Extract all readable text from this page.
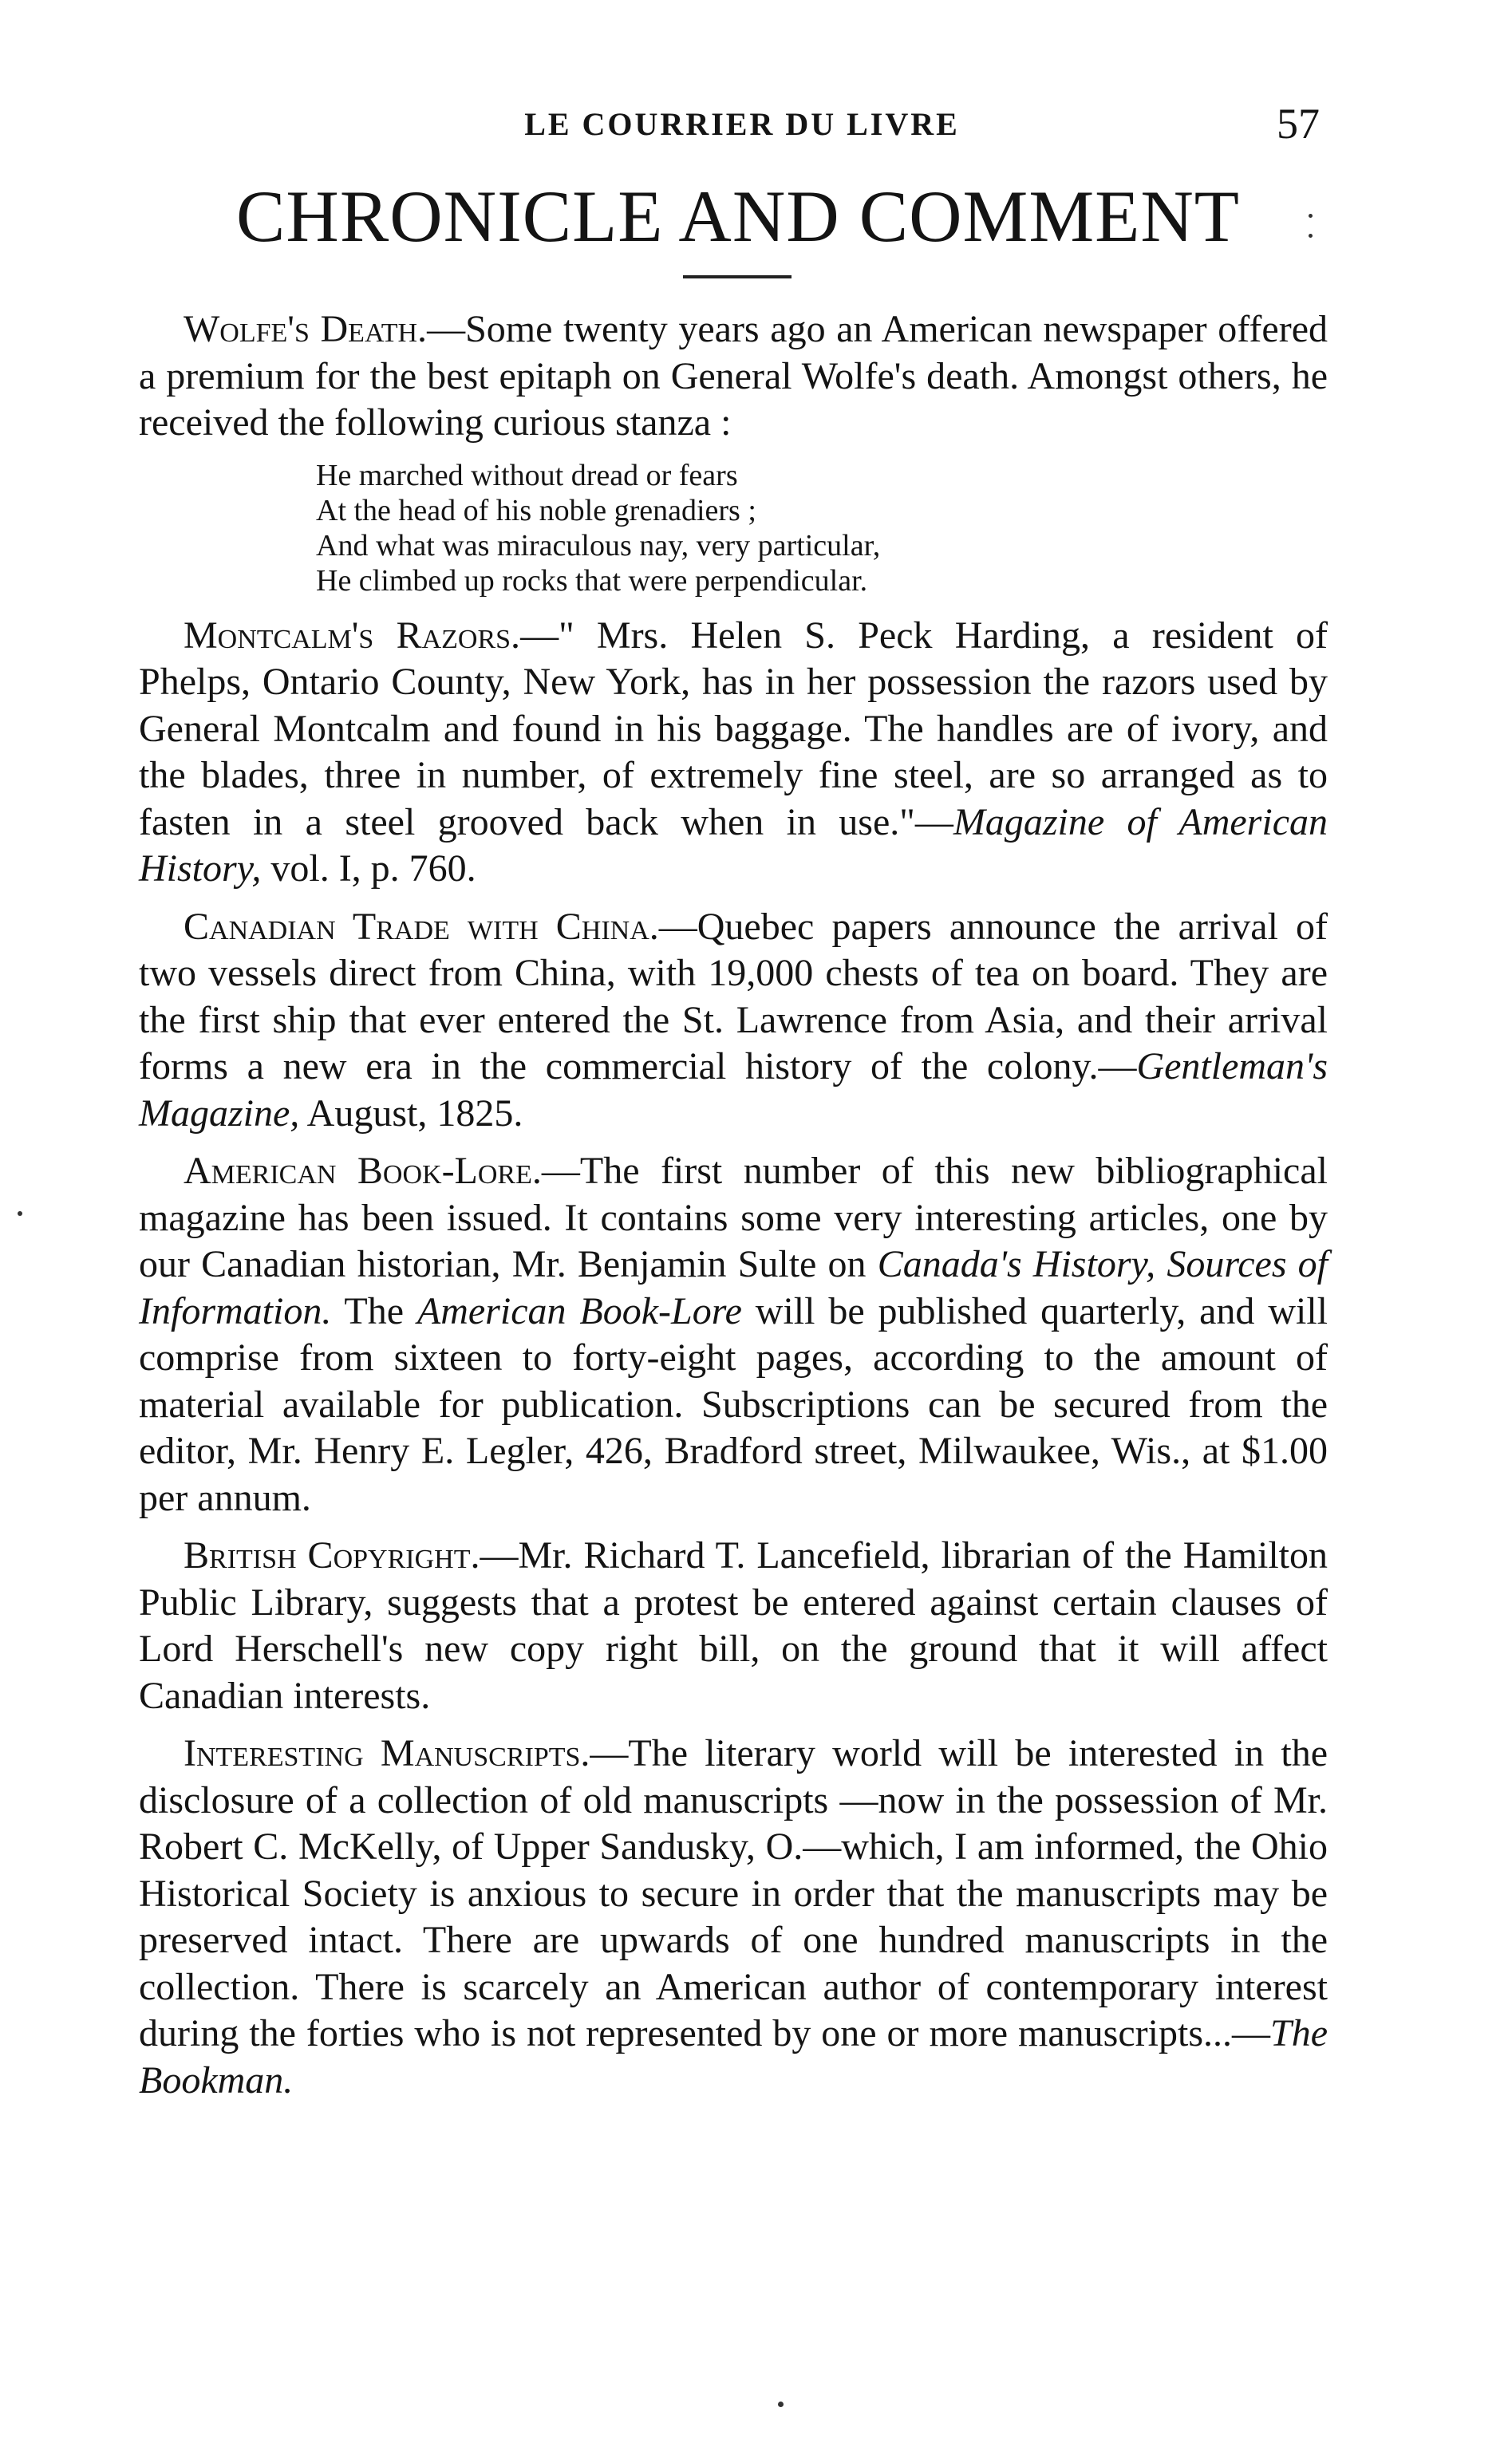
LE COURRIER DU LIVRE	57
CHRONICLE AND COMMENT

Wolfe's Death.—Some twenty years ago an American newspaper offered a premium for the best epitaph on General Wolfe's death. Amongst others, he received the following curious stanza :

He marched without dread or fears
At the head of his noble grenadiers ;
And what was miraculous nay, very particular,
He climbed up rocks that were perpendicular.

Montcalm's Razors.—" Mrs. Helen S. Peck Harding, a resident of Phelps, Ontario County, New York, has in her possession the razors used by General Montcalm and found in his baggage. The handles are of ivory, and the blades, three in number, of extremely fine steel, are so arranged as to fasten in a steel grooved back when in use."—Magazine of American History, vol. I, p. 760.

Canadian Trade with China.—Quebec papers announce the arrival of two vessels direct from China, with 19,000 chests of tea on board. They are the first ship that ever entered the St. Lawrence from Asia, and their arrival forms a new era in the commercial history of the colony.—Gentleman's Magazine, August, 1825.

American Book-Lore.—The first number of this new bibliographical magazine has been issued. It contains some very interesting articles, one by our Canadian historian, Mr. Benjamin Sulte on Canada's History, Sources of Information. The American Book-Lore will be published quarterly, and will comprise from sixteen to forty-eight pages, according to the amount of material available for publication. Subscriptions can be secured from the editor, Mr. Henry E. Legler, 426, Bradford street, Milwaukee, Wis., at $1.00 per annum.

British Copyright.—Mr. Richard T. Lancefield, librarian of the Hamilton Public Library, suggests that a protest be entered against certain clauses of Lord Herschell's new copy right bill, on the ground that it will affect Canadian interests.

Interesting Manuscripts.—The literary world will be interested in the disclosure of a collection of old manuscripts —now in the possession of Mr. Robert C. McKelly, of Upper Sandusky, O.—which, I am informed, the Ohio Historical Society is anxious to secure in order that the manuscripts may be preserved intact. There are upwards of one hundred manuscripts in the collection. There is scarcely an American author of contemporary interest during the forties who is not represented by one or more manuscripts...—The Bookman.
